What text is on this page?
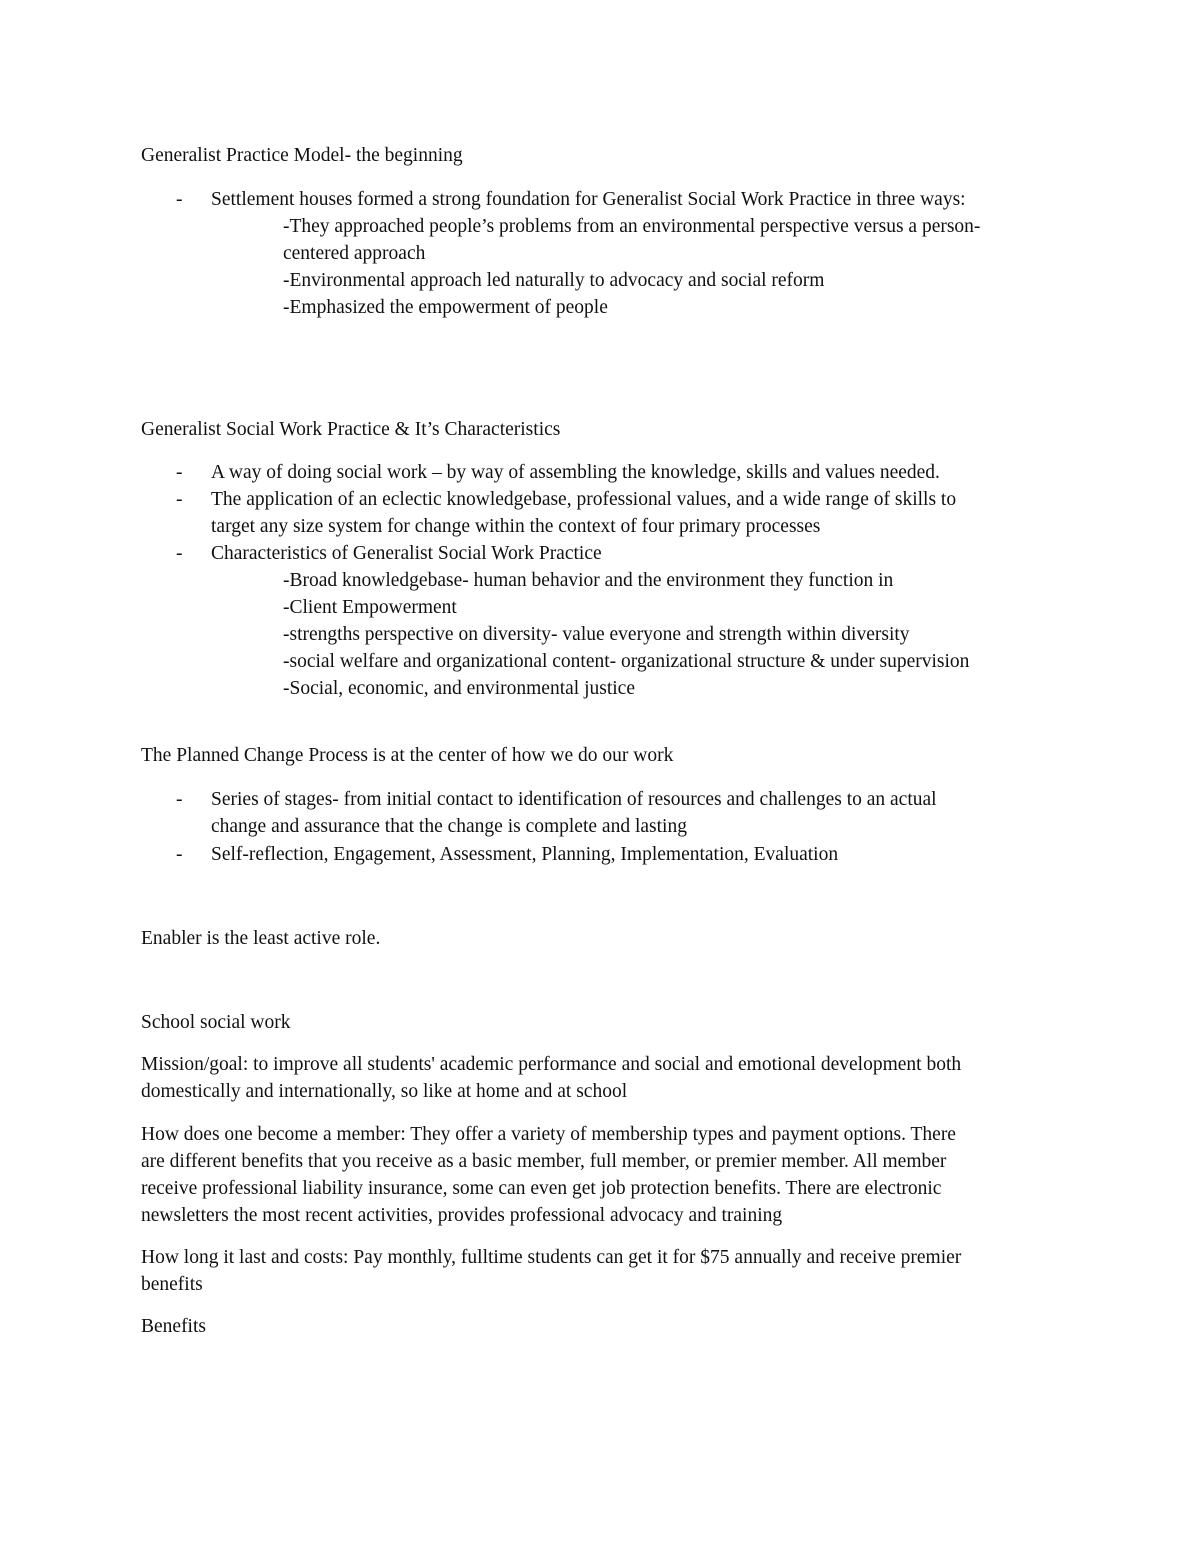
Generalist Practice Model- the beginning
- Settlement houses formed a strong foundation for Generalist Social Work Practice in three ways:
-They approached people’s problems from an environmental perspective versus a person-
centered approach
-Environmental approach led naturally to advocacy and social reform
-Emphasized the empowerment of people
Generalist Social Work Practice & It’s Characteristics
- A way of doing social work – by way of assembling the knowledge, skills and values needed.
- The application of an eclectic knowledgebase, professional values, and a wide range of skills to
target any size system for change within the context of four primary processes
- Characteristics of Generalist Social Work Practice
-Broad knowledgebase- human behavior and the environment they function in
-Client Empowerment
-strengths perspective on diversity- value everyone and strength within diversity
-social welfare and organizational content- organizational structure & under supervision
-Social, economic, and environmental justice
The Planned Change Process is at the center of how we do our work
- Series of stages- from initial contact to identification of resources and challenges to an actual
change and assurance that the change is complete and lasting
- Self-reflection, Engagement, Assessment, Planning, Implementation, Evaluation
Enabler is the least active role.
School social work
Mission/goal: to improve all students' academic performance and social and emotional development both
domestically and internationally, so like at home and at school
How does one become a member: They offer a variety of membership types and payment options. There
are different benefits that you receive as a basic member, full member, or premier member. All member
receive professional liability insurance, some can even get job protection benefits. There are electronic
newsletters the most recent activities, provides professional advocacy and training
How long it last and costs: Pay monthly, fulltime students can get it for $75 annually and receive premier
benefits
Benefits
